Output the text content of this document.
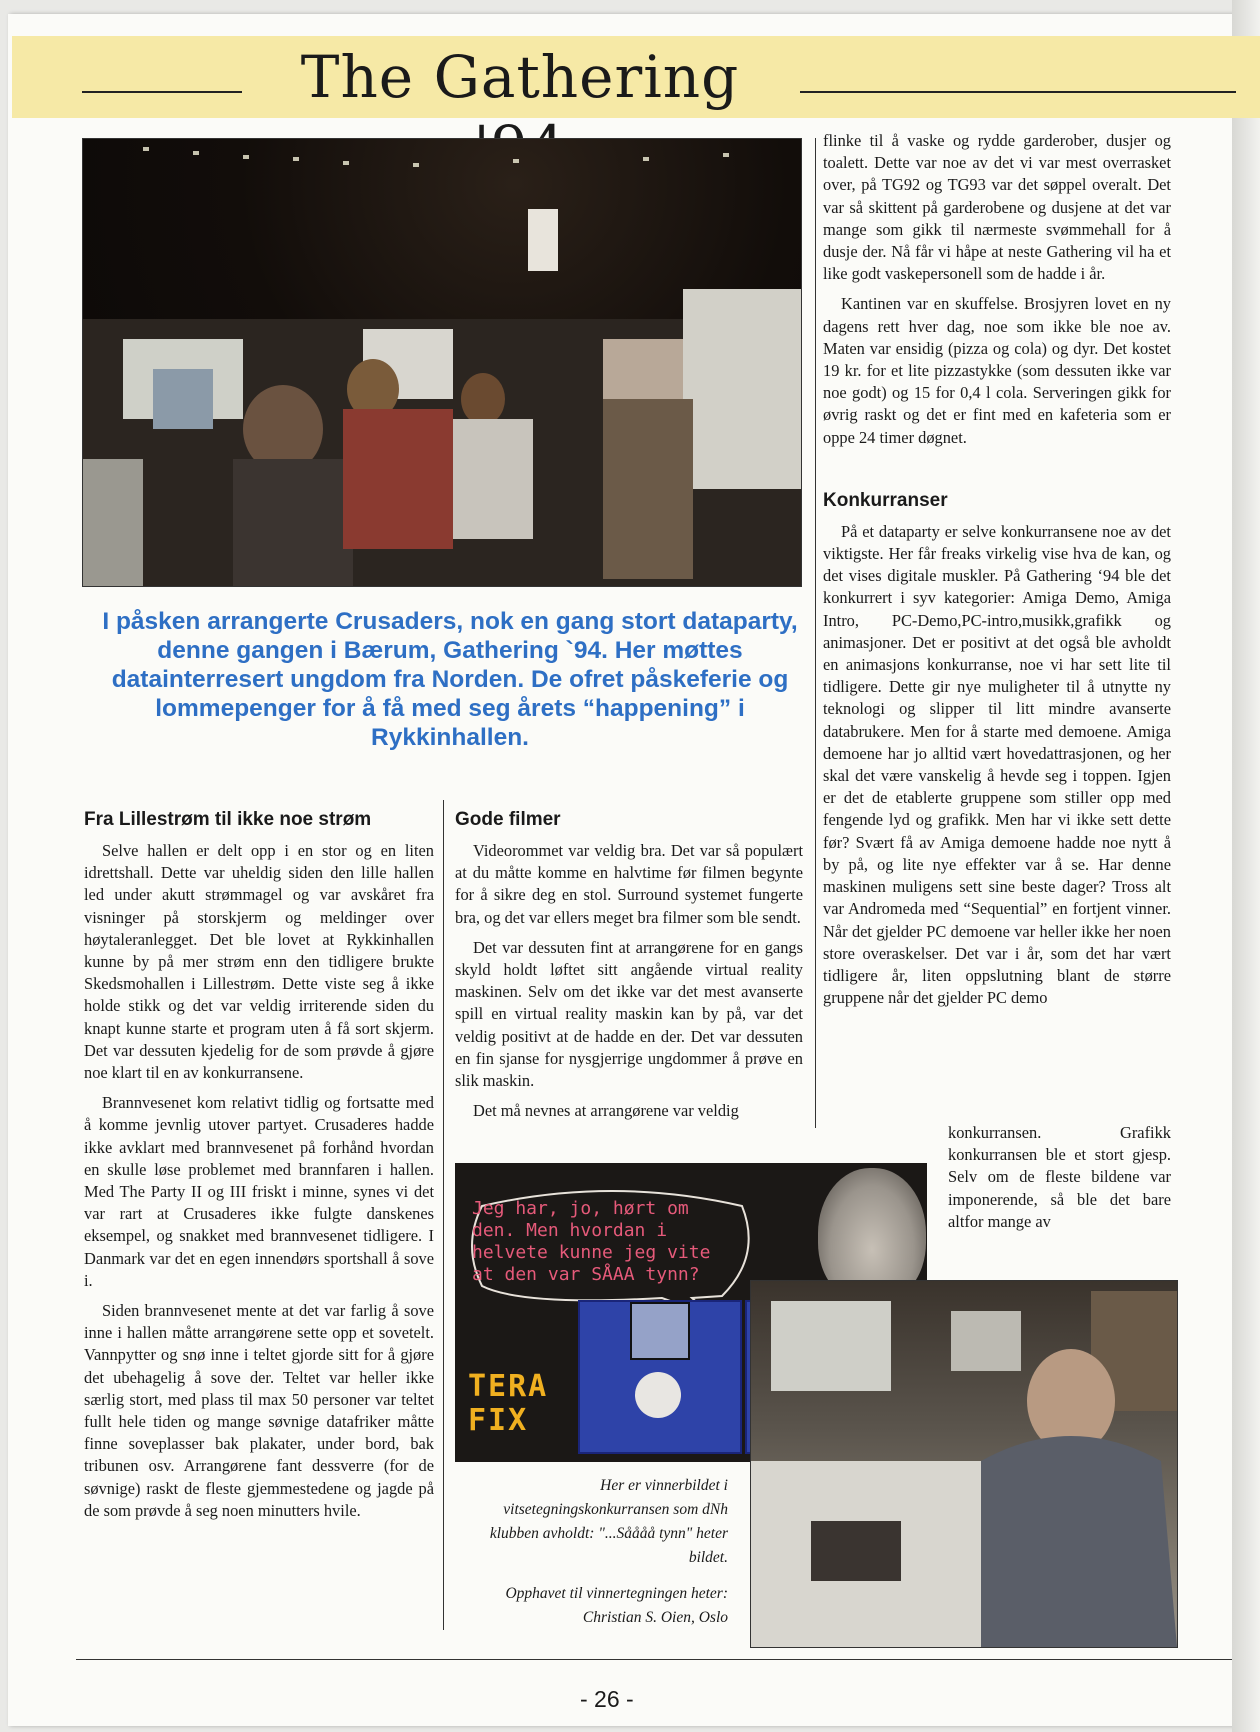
The Gathering
I påsken arrangerte Crusaders, nok en gang stort dataparty, denne gangen i Bærum, Gathering `94. Her møttes datainterresert ungdom fra Norden. De ofret påskeferie og lommepenger for å få med seg årets “happening” i Rykkinhallen.
Fra Lillestrøm til ikke noe strøm

Selve hallen er delt opp i en stor og en liten idrettshall. Dette var uheldig siden den lille hallen led under akutt strømmagel og var avskåret fra visninger på storskjerm og meldinger over høytaleranlegget. Det ble lovet at Rykkinhallen kunne by på mer strøm enn den tidligere brukte Skedsmohallen i Lillestrøm. Dette viste seg å ikke holde stikk og det var veldig irriterende siden du knapt kunne starte et program uten å få sort skjerm. Det var dessuten kjedelig for de som prøvde å gjøre noe klart til en av konkurransene.

Brannvesenet kom relativt tidlig og fortsatte med å komme jevnlig utover partyet. Crusaderes hadde ikke avklart med brannvesenet på forhånd hvordan en skulle løse problemet med brannfaren i hallen. Med The Party II og III friskt i minne, synes vi det var rart at Crusaderes ikke fulgte danskenes eksempel, og snakket med brannvesenet tidligere. I Danmark var det en egen innendørs sportshall å sove i.

Siden brannvesenet mente at det var farlig å sove inne i hallen måtte arrangørene sette opp et sovetelt. Vannpytter og snø inne i teltet gjorde sitt for å gjøre det ubehagelig å sove der. Teltet var heller ikke særlig stort, med plass til max 50 personer var teltet fullt hele tiden og mange søvnige datafriker måtte finne soveplasser bak plakater, under bord, bak tribunen osv. Arrangørene fant dessverre (for de søvnige) raskt de fleste gjemmestedene og jagde på de som prøvde å seg noen minutters hvile.

Gode filmer

Videorommet var veldig bra. Det var så populært at du måtte komme en halvtime før filmen begynte for å sikre deg en stol. Surround systemet fungerte bra, og det var ellers meget bra filmer som ble sendt.

Det var dessuten fint at arrangørene for en gangs skyld holdt løftet sitt angående virtual reality maskinen. Selv om det ikke var det mest avanserte spill en virtual reality maskin kan by på, var det veldig positivt at de hadde en der. Det var dessuten en fin sjanse for nysgjerrige ungdommer å prøve en slik maskin.

Det må nevnes at arrangørene var veldig

flinke til å vaske og rydde garderober, dusjer og toalett. Dette var noe av det vi var mest overrasket over, på TG92 og TG93 var det søppel overalt. Det var så skittent på garderobene og dusjene at det var mange som gikk til nærmeste svømmehall for å dusje der. Nå får vi håpe at neste Gathering vil ha et like godt vaskepersonell som de hadde i år.

Kantinen var en skuffelse. Brosjyren lovet en ny dagens rett hver dag, noe som ikke ble noe av. Maten var ensidig (pizza og cola) og dyr. Det kostet 19 kr. for et lite pizzastykke (som dessuten ikke var noe godt) og 15 for 0,4 l cola. Serveringen gikk for øvrig raskt og det er fint med en kafeteria som er oppe 24 timer døgnet.

Konkurranser

På et dataparty er selve konkurransene noe av det viktigste. Her får freaks virkelig vise hva de kan, og det vises digitale muskler. På Gathering ‘94 ble det konkurrert i syv kategorier: Amiga Demo, Amiga Intro, PC-Demo,PC-intro,musikk,grafikk og animasjoner. Det er positivt at det også ble avholdt en animasjons konkurranse, noe vi har sett lite til tidligere. Dette gir nye muligheter til å utnytte ny teknologi og slipper til litt mindre avanserte databrukere. Men for å starte med demoene. Amiga demoene har jo alltid vært hovedattrasjonen, og her skal det være vanskelig å hevde seg i toppen. Igjen er det de etablerte gruppene som stiller opp med fengende lyd og grafikk. Men har vi ikke sett dette før? Svært få av Amiga demoene hadde noe nytt å by på, og lite nye effekter var å se. Har denne maskinen muligens sett sine beste dager? Tross alt var Andromeda med “Sequential” en fortjent vinner. Når det gjelder PC demoene var heller ikke her noen store overaskelser. Det var i år, som det har vært tidligere år, liten oppslutning blant de større gruppene når det gjelder PC demo

konkurransen. Grafikk konkurransen ble et stort gjesp. Selv om de fleste bildene var imponerende, så ble det bare altfor mange av

Jeg har, jo, hørt om den. Men hvordan i helvete kunne jeg vite at den var SÅAA tynn?
TERA FIX

Her er vinnerbildet i vitsetegningskonkurransen som dNh klubben avholdt: "...Såååå tynn" heter bildet.

Opphavet til vinnertegningen heter: Christian S. Oien, Oslo

- 26 -
